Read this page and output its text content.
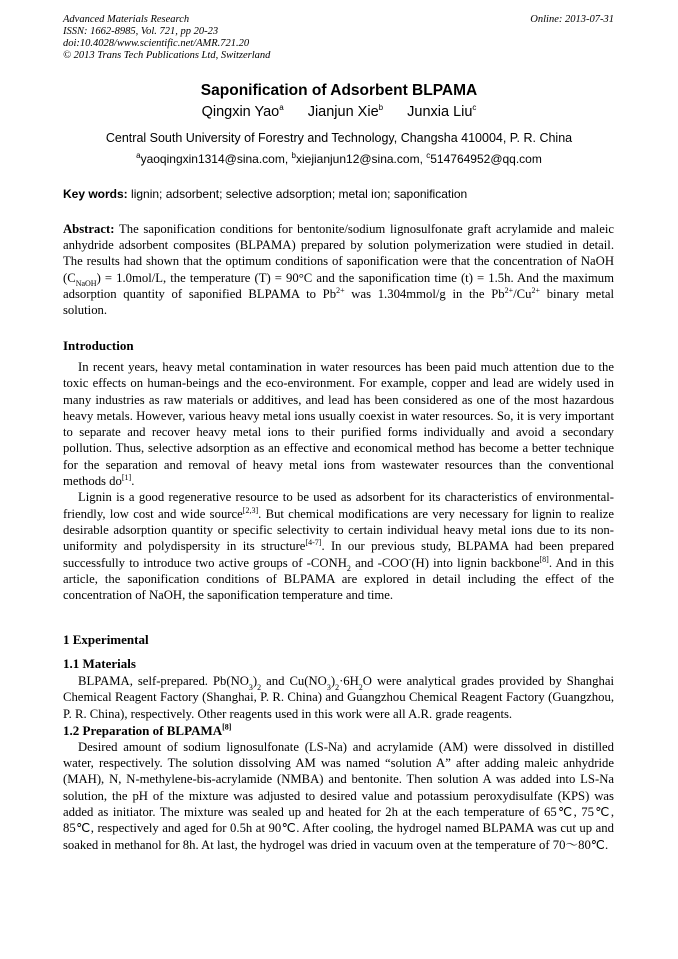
Advanced Materials Research
ISSN: 1662-8985, Vol. 721, pp 20-23
doi:10.4028/www.scientific.net/AMR.721.20
© 2013 Trans Tech Publications Ltd, Switzerland
Online: 2013-07-31
Saponification of Adsorbent BLPAMA
Qingxin Yao$^a$ Jianjun Xie$^b$ Junxia Liu$^c$
Central South University of Forestry and Technology, Changsha 410004, P. R. China
$^a$yaoqingxin1314@sina.com, $^b$xiejianjun12@sina.com, $^c$514764952@qq.com
Key words: lignin; adsorbent; selective adsorption; metal ion; saponification
Abstract: The saponification conditions for bentonite/sodium lignosulfonate graft acrylamide and maleic anhydride adsorbent composites (BLPAMA) prepared by solution polymerization were studied in detail. The results had shown that the optimum conditions of saponification were that the concentration of NaOH $(C_{NaOH}) = 1.0mol/L$, the temperature (T) = 90°C and the saponification time (t) = 1.5h. And the maximum adsorption quantity of saponified BLPAMA to $Pb^{2+}$ was 1.304mmol/g in the $Pb^{2+}/Cu^{2+}$ binary metal solution.

Introduction

In recent years, heavy metal contamination in water resources has been paid much attention due to the toxic effects on human-beings and the eco-environment. For example, copper and lead are widely used in many industries as raw materials or additives, and lead has been considered as one of the most hazardous heavy metals. However, various heavy metal ions usually coexist in water resources. So, it is very important to separate and recover heavy metal ions to their purified forms individually and avoid a secondary pollution. Thus, selective adsorption as an effective and economical method has become a better technique for the separation and removal of heavy metal ions from wastewater resources than the conventional methods do[1].

Lignin is a good regenerative resource to be used as adsorbent for its characteristics of environmental-friendly, low cost and wide source[2,3]. But chemical modifications are very necessary for lignin to realize desirable adsorption quantity or specific selectivity to certain individual heavy metal ions due to its non-uniformity and polydispersity in its structure[4-7]. In our previous study, BLPAMA had been prepared successfully to introduce two active groups of $-CONH_2$ and -COO-(H) into lignin backbone[8]. And in this article, the saponification conditions of BLPAMA are explored in detail including the effect of the concentration of NaOH, the saponification temperature and time.

1 Experimental

1.1 Materials

BLPAMA, self-prepared. $Pb(NO_3)_2$ and $Cu(NO_3)_2\cdot 6H_2O$ were analytical grades provided by Shanghai Chemical Reagent Factory (Shanghai, P. R. China) and Guangzhou Chemical Reagent Factory (Guangzhou, P. R. China), respectively. Other reagents used in this work were all A.R. grade reagents.

1.2 Preparation of BLPAMA[8]

Desired amount of sodium lignosulfonate (LS-Na) and acrylamide (AM) were dissolved in distilled water, respectively. The solution dissolving AM was named “solution A” after adding maleic anhydride (MAH), N, N-methylene-bis-acrylamide (NMBA) and bentonite. Then solution A was added into LS-Na solution, the pH of the mixture was adjusted to desired value and potassium peroxydisulfate (KPS) was added as initiator. The mixture was sealed up and heated for 2h at the each temperature of 65℃, 75℃, 85℃, respectively and aged for 0.5h at 90℃. After cooling, the hydrogel named BLPAMA was cut up and soaked in methanol for 8h. At last, the hydrogel was dried in vacuum oven at the temperature of 70～80℃.
